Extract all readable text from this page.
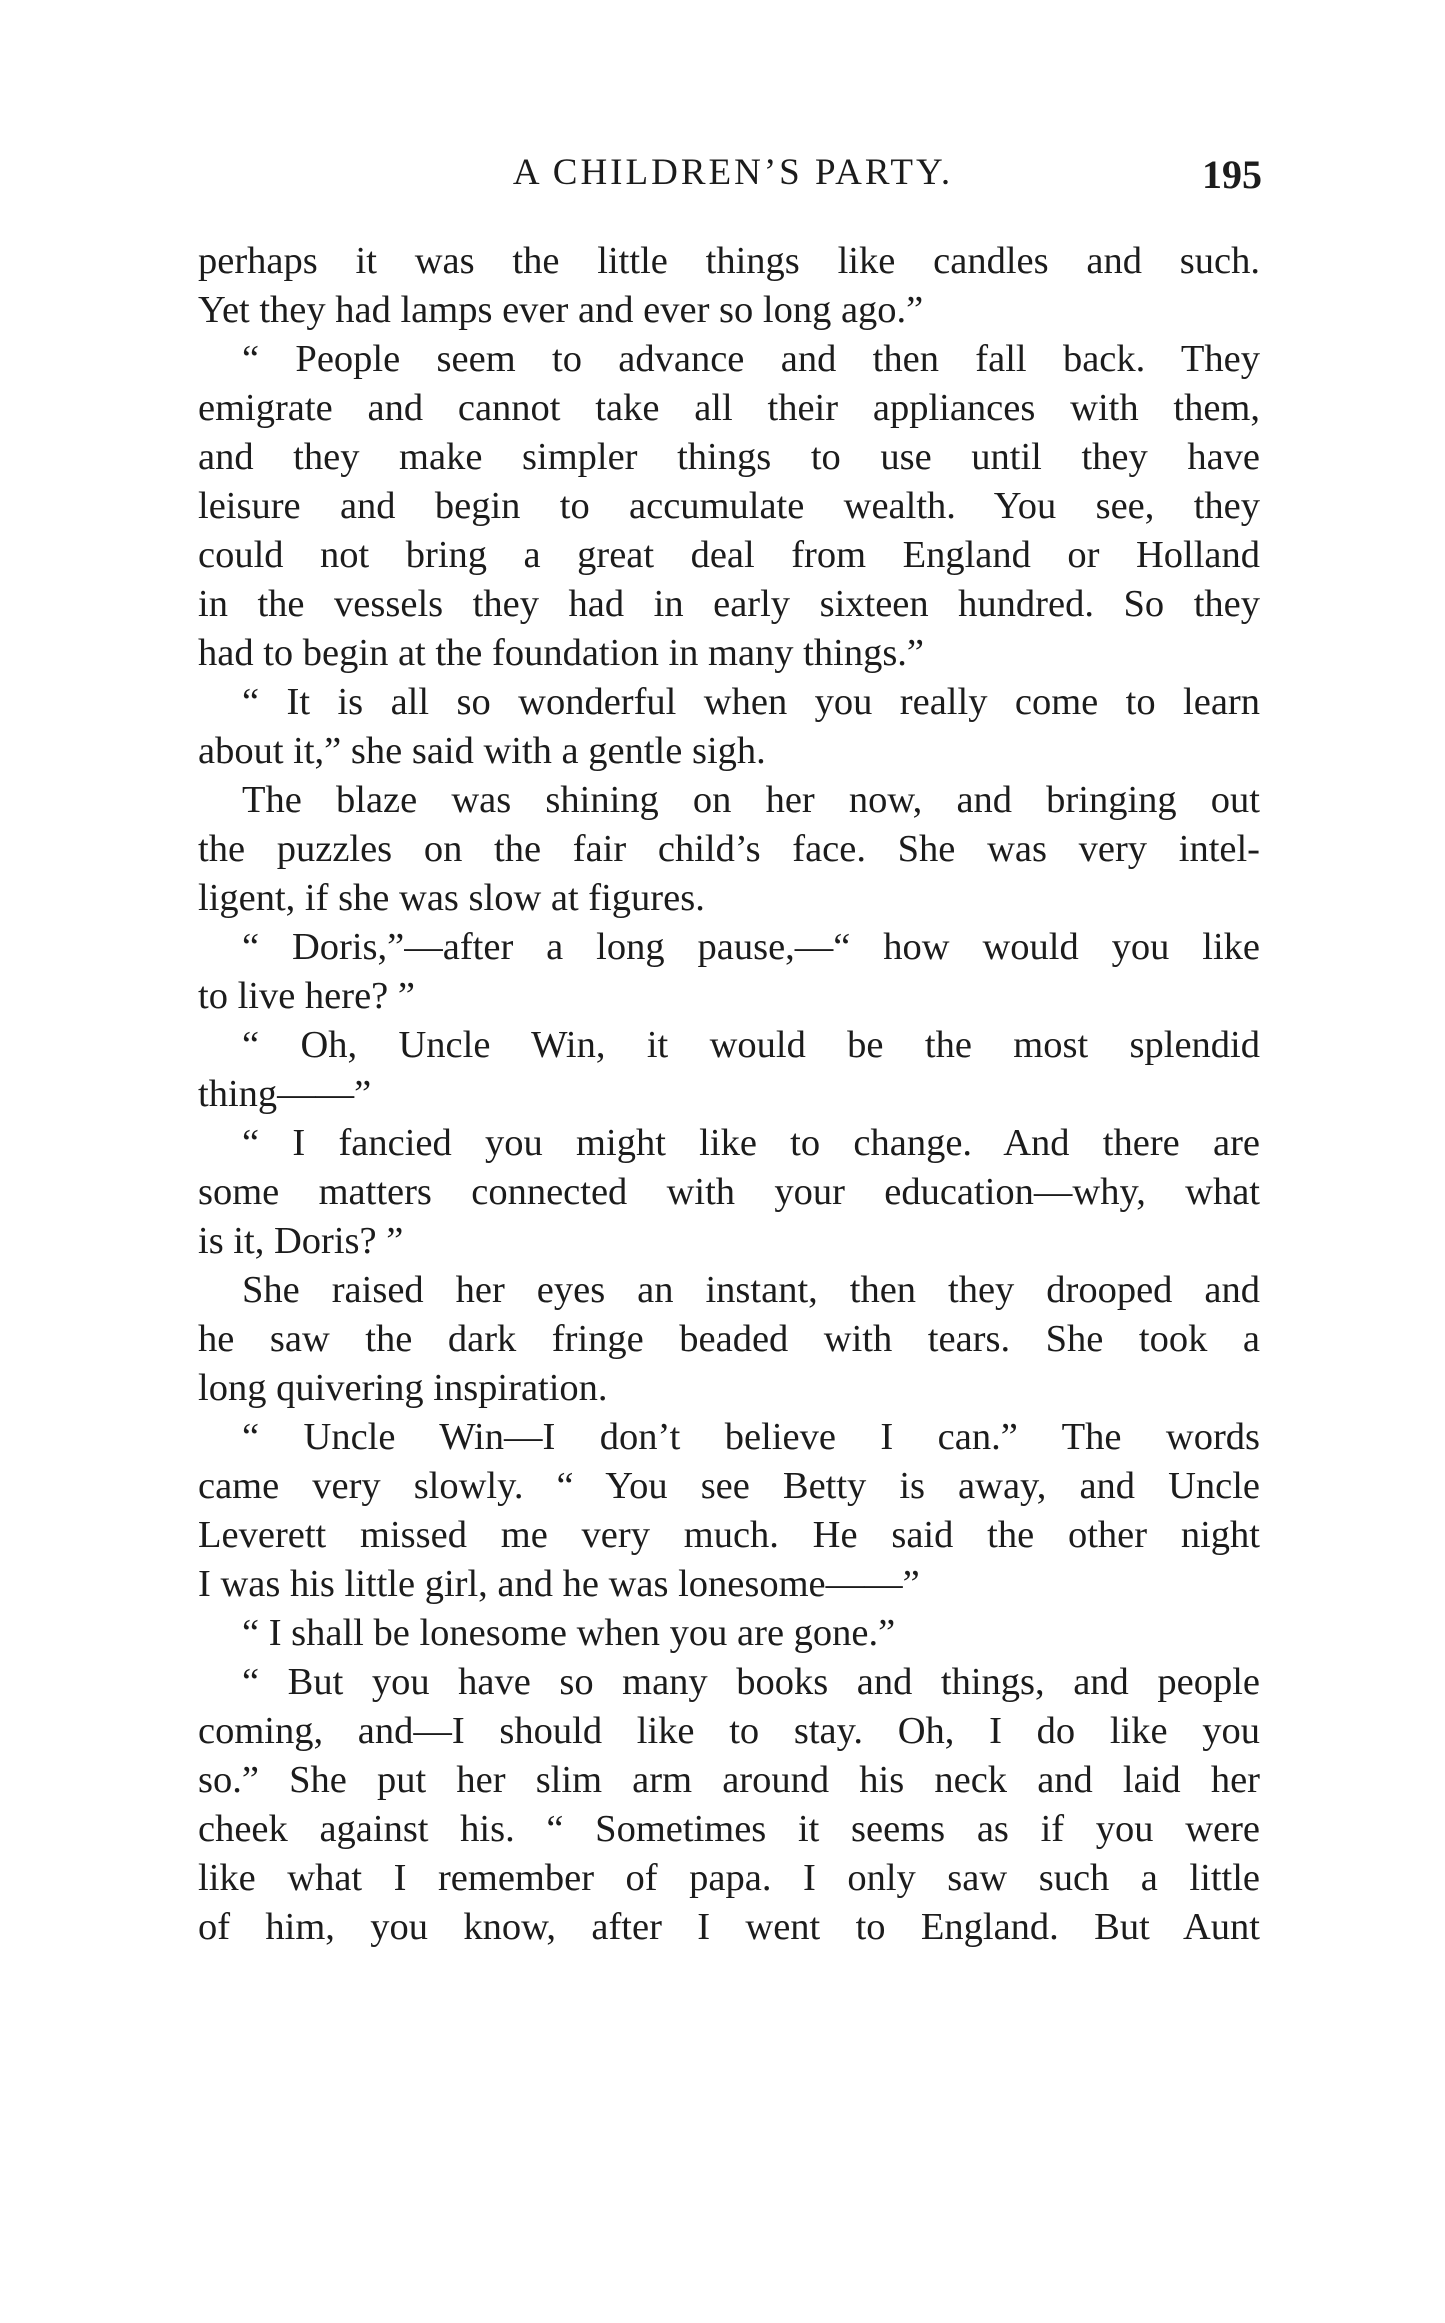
A CHILDREN’S PARTY.	195
perhaps it was the little things like candles and such.
Yet they had lamps ever and ever so long ago.”
“ People seem to advance and then fall back. They
emigrate and cannot take all their appliances with them,
and they make simpler things to use until they have
leisure and begin to accumulate wealth. You see, they
could not bring a great deal from England or Holland
in the vessels they had in early sixteen hundred. So they
had to begin at the foundation in many things.”
“ It is all so wonderful when you really come to learn
about it,” she said with a gentle sigh.
The blaze was shining on her now, and bringing out
the puzzles on the fair child’s face. She was very intel-
ligent, if she was slow at figures.
“ Doris,”—after a long pause,—“ how would you like
to live here? ”
“ Oh, Uncle Win, it would be the most splendid
thing——”
“ I fancied you might like to change. And there are
some matters connected with your education—why, what
is it, Doris? ”
She raised her eyes an instant, then they drooped and
he saw the dark fringe beaded with tears. She took a
long quivering inspiration.
“ Uncle Win—I don’t believe I can.” The words
came very slowly. “ You see Betty is away, and Uncle
Leverett missed me very much. He said the other night
I was his little girl, and he was lonesome——”
“ I shall be lonesome when you are gone.”
“ But you have so many books and things, and people
coming, and—I should like to stay. Oh, I do like you
so.” She put her slim arm around his neck and laid her
cheek against his. “ Sometimes it seems as if you were
like what I remember of papa. I only saw such a little
of him, you know, after I went to England. But Aunt
